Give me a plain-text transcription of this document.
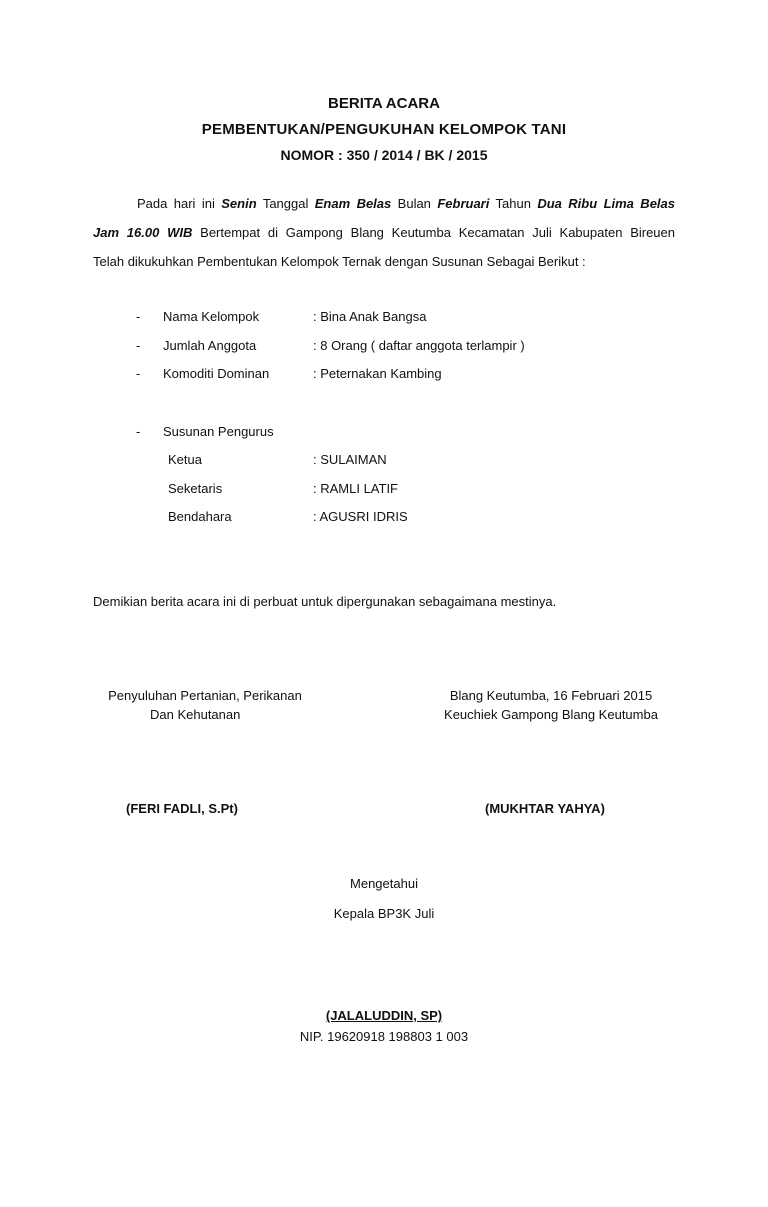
BERITA ACARA
PEMBENTUKAN/PENGUKUHAN KELOMPOK TANI
NOMOR : 350 / 2014 / BK / 2015
Pada hari ini Senin Tanggal Enam Belas Bulan Februari Tahun Dua Ribu Lima Belas
Jam 16.00 WIB Bertempat di Gampong Blang Keutumba Kecamatan Juli Kabupaten Bireuen
Telah dikukuhkan Pembentukan Kelompok Ternak dengan Susunan Sebagai Berikut :
- Nama Kelompok	: Bina Anak Bangsa
- Jumlah Anggota	: 8 Orang ( daftar anggota terlampir )
- Komoditi Dominan	: Peternakan Kambing
- Susunan Pengurus
Ketua	: SULAIMAN
Seketaris	: RAMLI LATIF
Bendahara	: AGUSRI IDRIS
Demikian berita acara ini di perbuat untuk dipergunakan sebagaimana mestinya.
Penyuluhan Pertanian, Perikanan
Dan Kehutanan
(FERI FADLI, S.Pt)
Blang Keutumba, 16 Februari 2015
Keuchiek Gampong Blang Keutumba
(MUKHTAR YAHYA)
Mengetahui
Kepala BP3K Juli
(JALALUDDIN, SP)
NIP. 19620918 198803 1 003
